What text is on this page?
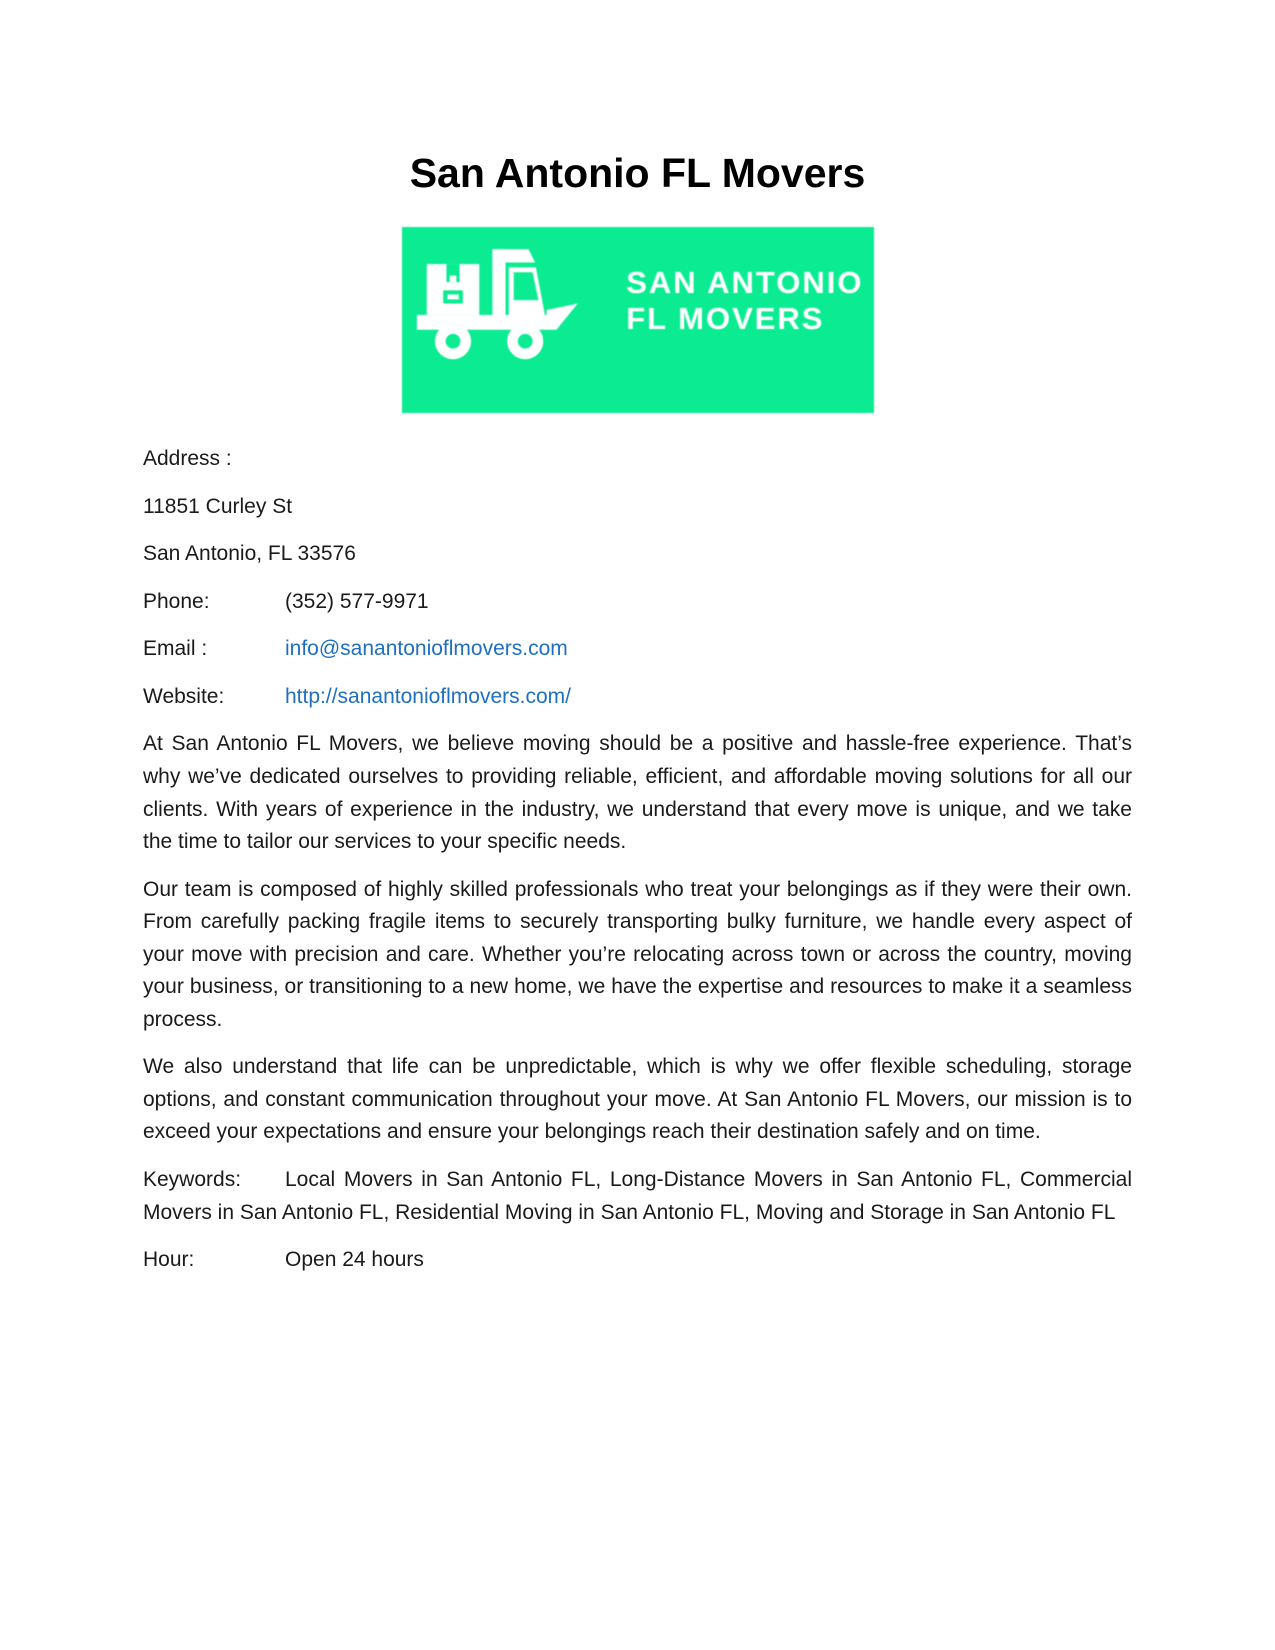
San Antonio FL Movers
SAN ANTONIO
FL MOVERS

Address :

11851 Curley St

San Antonio, FL 33576

Phone:	(352) 577-9971

Email :	info@sanantonioflmovers.com

Website:	http://sanantonioflmovers.com/

At San Antonio FL Movers, we believe moving should be a positive and hassle-free experience. That’s why we’ve dedicated ourselves to providing reliable, efficient, and affordable moving solutions for all our clients. With years of experience in the industry, we understand that every move is unique, and we take the time to tailor our services to your specific needs.

Our team is composed of highly skilled professionals who treat your belongings as if they were their own. From carefully packing fragile items to securely transporting bulky furniture, we handle every aspect of your move with precision and care. Whether you’re relocating across town or across the country, moving your business, or transitioning to a new home, we have the expertise and resources to make it a seamless process.

We also understand that life can be unpredictable, which is why we offer flexible scheduling, storage options, and constant communication throughout your move. At San Antonio FL Movers, our mission is to exceed your expectations and ensure your belongings reach their destination safely and on time.

Keywords: Local Movers in San Antonio FL, Long-Distance Movers in San Antonio FL, Commercial Movers in San Antonio FL, Residential Moving in San Antonio FL, Moving and Storage in San Antonio FL

Hour:	Open 24 hours
